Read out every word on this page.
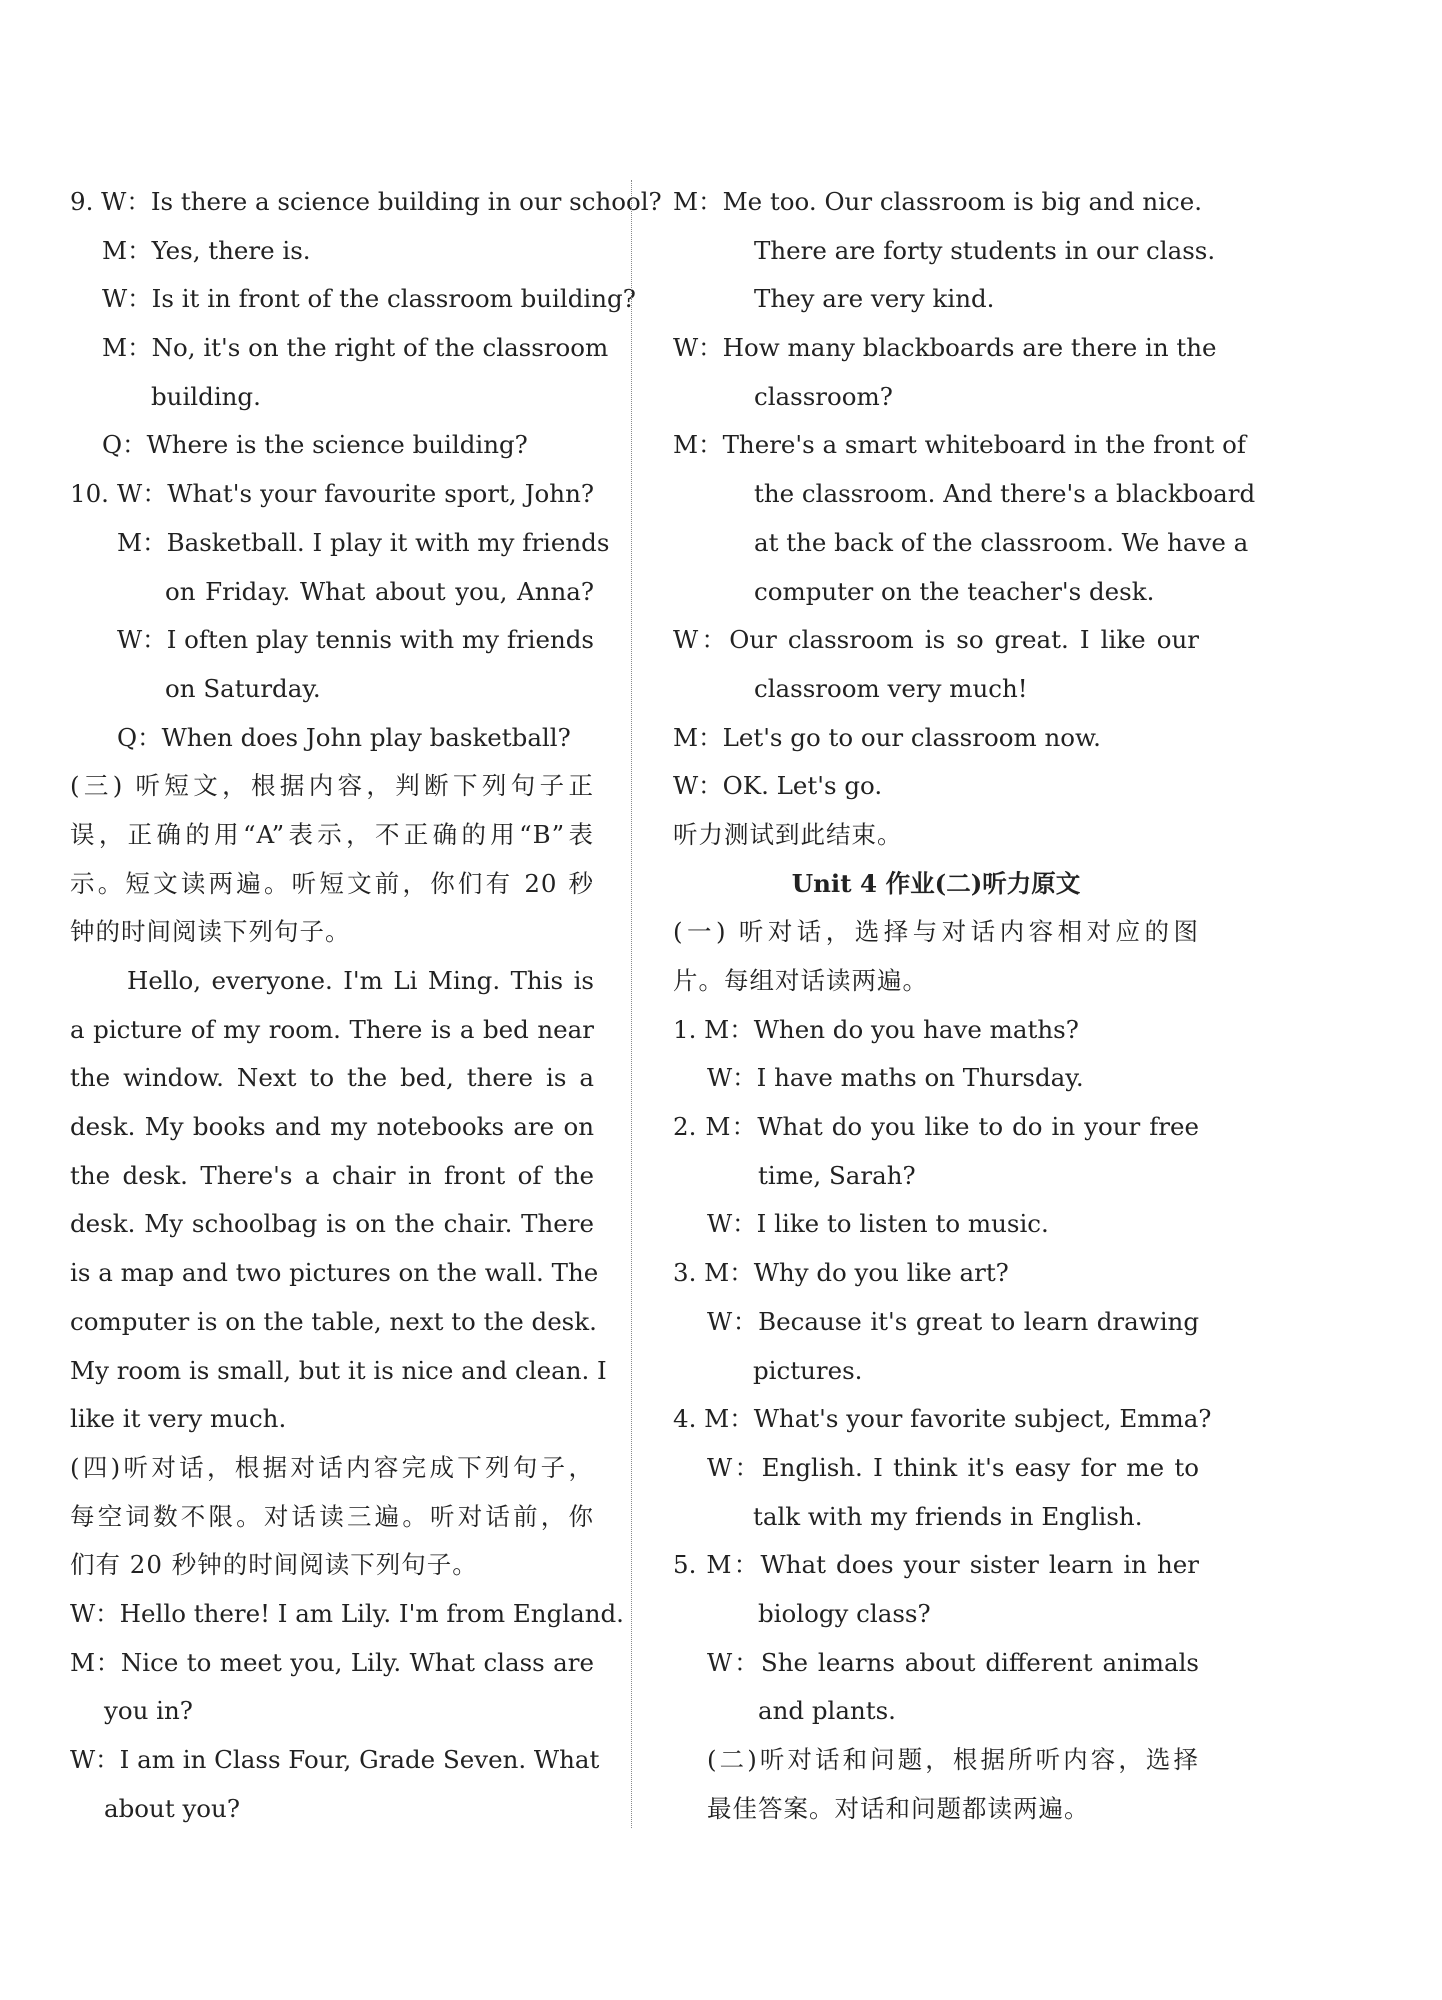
9. W：Is there a science building in our school?
M：Yes, there is.
W：Is it in front of the classroom building?
M：No, it's on the right of the classroom
building.
Q：Where is the science building?
10. W：What's your favourite sport, John?
M：Basketball. I play it with my friends
on Friday. What about you, Anna?
W：I often play tennis with my friends
on Saturday.
Q：When does John play basketball?
(三) 听短文，根据内容，判断下列句子正
误，正确的用“A”表示，不正确的用“B”表
示。短文读两遍。听短文前，你们有 20 秒
钟的时间阅读下列句子。
Hello, everyone. I'm Li Ming. This is
a picture of my room. There is a bed near
the window. Next to the bed, there is a
desk. My books and my notebooks are on
the desk. There's a chair in front of the
desk. My schoolbag is on the chair. There
is a map and two pictures on the wall. The
computer is on the table, next to the desk.
My room is small, but it is nice and clean. I
like it very much.
(四)听对话，根据对话内容完成下列句子，
每空词数不限。对话读三遍。听对话前，你
们有 20 秒钟的时间阅读下列句子。
W：Hello there! I am Lily. I'm from England.
M：Nice to meet you, Lily. What class are
you in?
W：I am in Class Four, Grade Seven. What
about you?
M：Me too. Our classroom is big and nice.
There are forty students in our class.
They are very kind.
W：How many blackboards are there in the
classroom?
M：There's a smart whiteboard in the front of
the classroom. And there's a blackboard
at the back of the classroom. We have a
computer on the teacher's desk.
W：Our classroom is so great. I like our
classroom very much!
M：Let's go to our classroom now.
W：OK. Let's go.
听力测试到此结束。
Unit 4 作业(二)听力原文
(一) 听对话，选择与对话内容相对应的图
片。每组对话读两遍。
1. M：When do you have maths?
W：I have maths on Thursday.
2. M：What do you like to do in your free
time, Sarah?
W：I like to listen to music.
3. M：Why do you like art?
W：Because it's great to learn drawing
pictures.
4. M：What's your favorite subject, Emma?
W：English. I think it's easy for me to
talk with my friends in English.
5. M：What does your sister learn in her
biology class?
W：She learns about different animals
and plants.
(二)听对话和问题，根据所听内容，选择
最佳答案。对话和问题都读两遍。
